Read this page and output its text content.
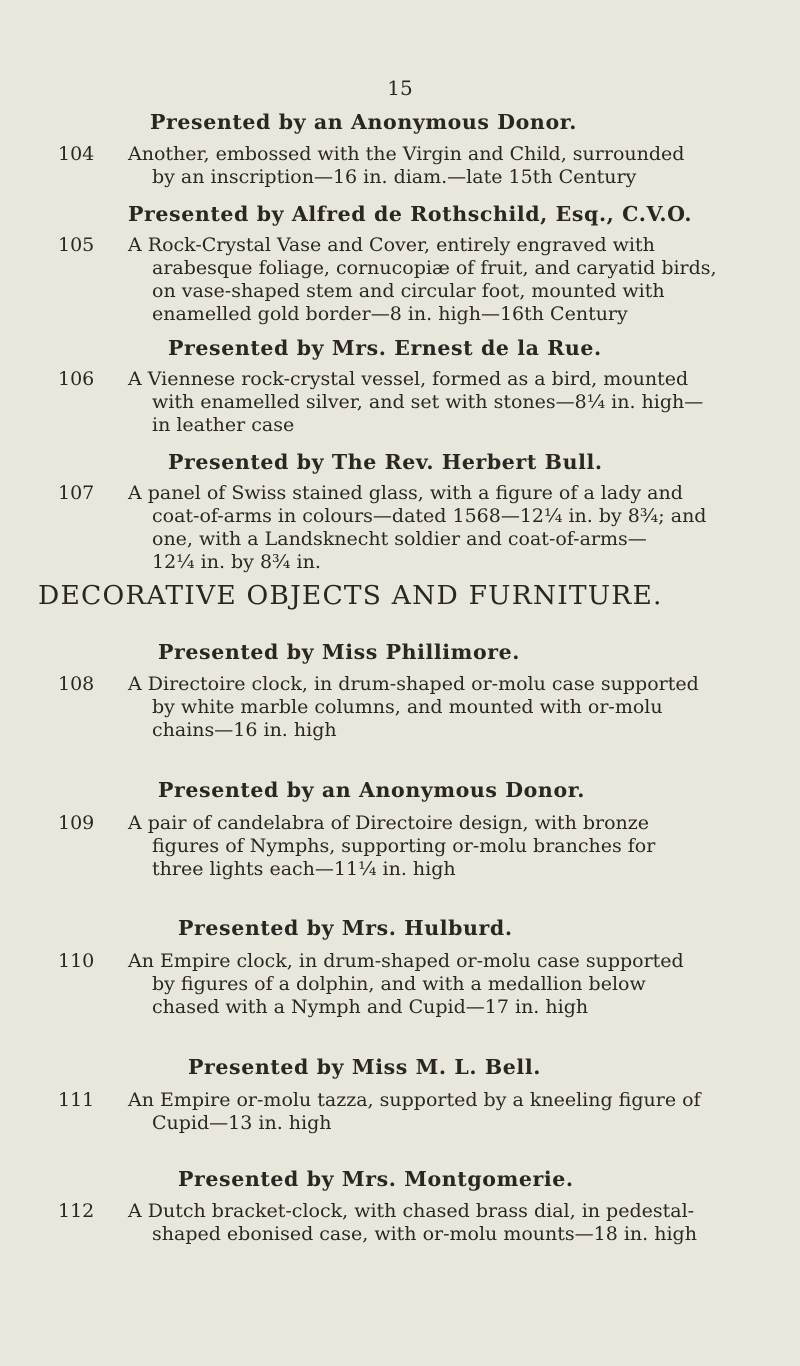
15
Presented by an Anonymous Donor.
104	Another, embossed with the Virgin and Child, surrounded
by an inscription—16 in. diam.—late 15th Century
Presented by Alfred de Rothschild, Esq., C.V.O.
105	A Rock-Crystal Vase and Cover, entirely engraved with
arabesque foliage, cornucopiæ of fruit, and caryatid birds,
on vase-shaped stem and circular foot, mounted with
enamelled gold border—8 in. high—16th Century
Presented by Mrs. Ernest de la Rue.
106	A Viennese rock-crystal vessel, formed as a bird, mounted
with enamelled silver, and set with stones—8¼ in. high—
in leather case
Presented by The Rev. Herbert Bull.
107	A panel of Swiss stained glass, with a figure of a lady and
coat-of-arms in colours—dated 1568—12¼ in. by 8¾; and
one, with a Landsknecht soldier and coat-of-arms—
12¼ in. by 8¾ in.
DECORATIVE OBJECTS AND FURNITURE.
Presented by Miss Phillimore.
108	A Directoire clock, in drum-shaped or-molu case supported
by white marble columns, and mounted with or-molu
chains—16 in. high
Presented by an Anonymous Donor.
109	A pair of candelabra of Directoire design, with bronze
figures of Nymphs, supporting or-molu branches for
three lights each—11¼ in. high
Presented by Mrs. Hulburd.
110	An Empire clock, in drum-shaped or-molu case supported
by figures of a dolphin, and with a medallion below
chased with a Nymph and Cupid—17 in. high
Presented by Miss M. L. Bell.
111	An Empire or-molu tazza, supported by a kneeling figure of
Cupid—13 in. high
Presented by Mrs. Montgomerie.
112	A Dutch bracket-clock, with chased brass dial, in pedestal-
shaped ebonised case, with or-molu mounts—18 in. high
